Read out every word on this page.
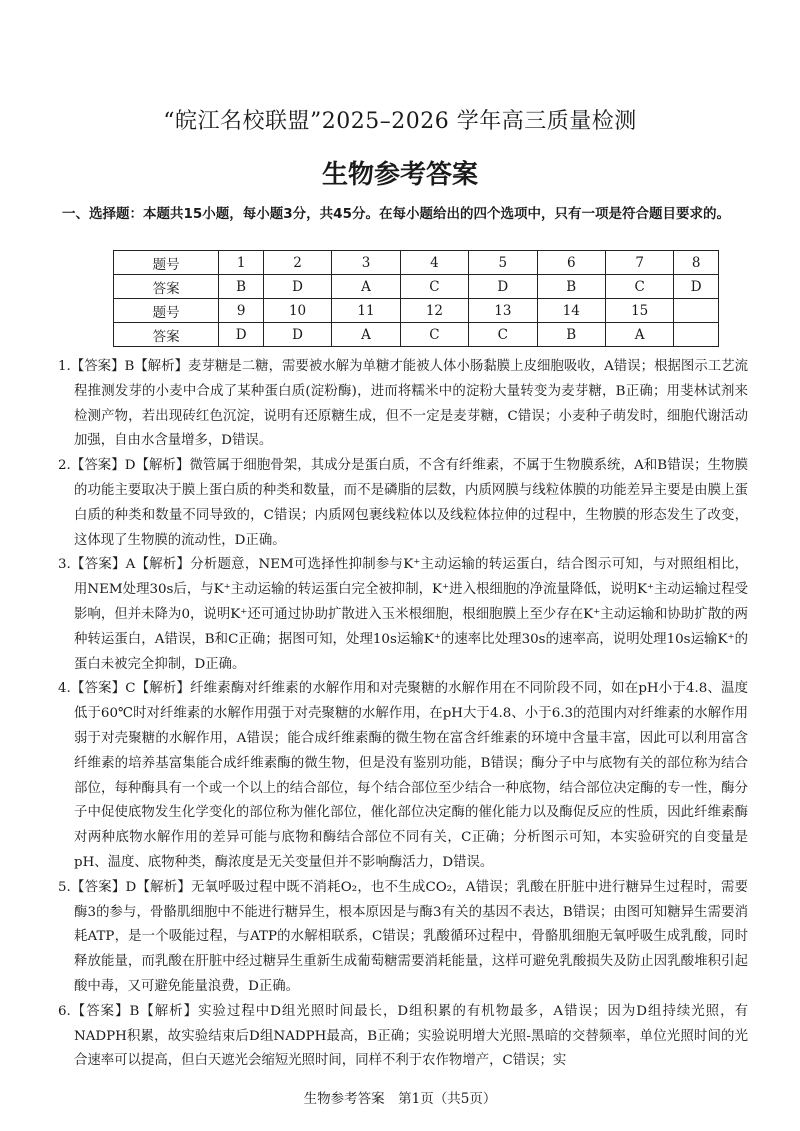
“皖江名校联盟”2025–2026 学年高三质量检测
生物参考答案
一、选择题：本题共15小题，每小题3分，共45分。在每小题给出的四个选项中，只有一项是符合题目要求的。
题号	1	2	3	4	5	6	7	8
答案	B	D	A	C	D	B	C	D
题号	9	10	11	12	13	14	15	
答案	D	D	A	C	C	B	A	

1.【答案】B【解析】麦芽糖是二糖，需要被水解为单糖才能被人体小肠黏膜上皮细胞吸收，A错误；根据图示工艺流程推测发芽的小麦中合成了某种蛋白质(淀粉酶)，进而将糯米中的淀粉大量转变为麦芽糖，B正确；用斐林试剂来检测产物，若出现砖红色沉淀，说明有还原糖生成，但不一定是麦芽糖，C错误；小麦种子萌发时，细胞代谢活动加强，自由水含量增多，D错误。

2.【答案】D【解析】微管属于细胞骨架，其成分是蛋白质，不含有纤维素，不属于生物膜系统，A和B错误；生物膜的功能主要取决于膜上蛋白质的种类和数量，而不是磷脂的层数，内质网膜与线粒体膜的功能差异主要是由膜上蛋白质的种类和数量不同导致的，C错误；内质网包裹线粒体以及线粒体拉伸的过程中，生物膜的形态发生了改变，这体现了生物膜的流动性，D正确。

3.【答案】A【解析】分析题意，NEM可选择性抑制参与K⁺主动运输的转运蛋白，结合图示可知，与对照组相比，用NEM处理30s后，与K⁺主动运输的转运蛋白完全被抑制，K⁺进入根细胞的净流量降低，说明K⁺主动运输过程受影响，但并未降为0，说明K⁺还可通过协助扩散进入玉米根细胞，根细胞膜上至少存在K⁺主动运输和协助扩散的两种转运蛋白，A错误，B和C正确；据图可知，处理10s运输K⁺的速率比处理30s的速率高，说明处理10s运输K⁺的蛋白未被完全抑制，D正确。

4.【答案】C【解析】纤维素酶对纤维素的水解作用和对壳聚糖的水解作用在不同阶段不同，如在pH小于4.8、温度低于60℃时对纤维素的水解作用强于对壳聚糖的水解作用，在pH大于4.8、小于6.3的范围内对纤维素的水解作用弱于对壳聚糖的水解作用，A错误；能合成纤维素酶的微生物在富含纤维素的环境中含量丰富，因此可以利用富含纤维素的培养基富集能合成纤维素酶的微生物，但是没有鉴别功能，B错误；酶分子中与底物有关的部位称为结合部位，每种酶具有一个或一个以上的结合部位，每个结合部位至少结合一种底物，结合部位决定酶的专一性，酶分子中促使底物发生化学变化的部位称为催化部位，催化部位决定酶的催化能力以及酶促反应的性质，因此纤维素酶对两种底物水解作用的差异可能与底物和酶结合部位不同有关，C正确；分析图示可知，本实验研究的自变量是pH、温度、底物种类，酶浓度是无关变量但并不影响酶活力，D错误。

5.【答案】D【解析】无氧呼吸过程中既不消耗O₂，也不生成CO₂，A错误；乳酸在肝脏中进行糖异生过程时，需要酶3的参与，骨骼肌细胞中不能进行糖异生，根本原因是与酶3有关的基因不表达，B错误；由图可知糖异生需要消耗ATP，是一个吸能过程，与ATP的水解相联系，C错误；乳酸循环过程中，骨骼肌细胞无氧呼吸生成乳酸，同时释放能量，而乳酸在肝脏中经过糖异生重新生成葡萄糖需要消耗能量，这样可避免乳酸损失及防止因乳酸堆积引起酸中毒，又可避免能量浪费，D正确。

6.【答案】B【解析】实验过程中D组光照时间最长，D组积累的有机物最多，A错误；因为D组持续光照，有NADPH积累，故实验结束后D组NADPH最高，B正确；实验说明增大光照-黑暗的交替频率，单位光照时间的光合速率可以提高，但白天遮光会缩短光照时间，同样不利于农作物增产，C错误；实

生物参考答案　第1页（共5页）
